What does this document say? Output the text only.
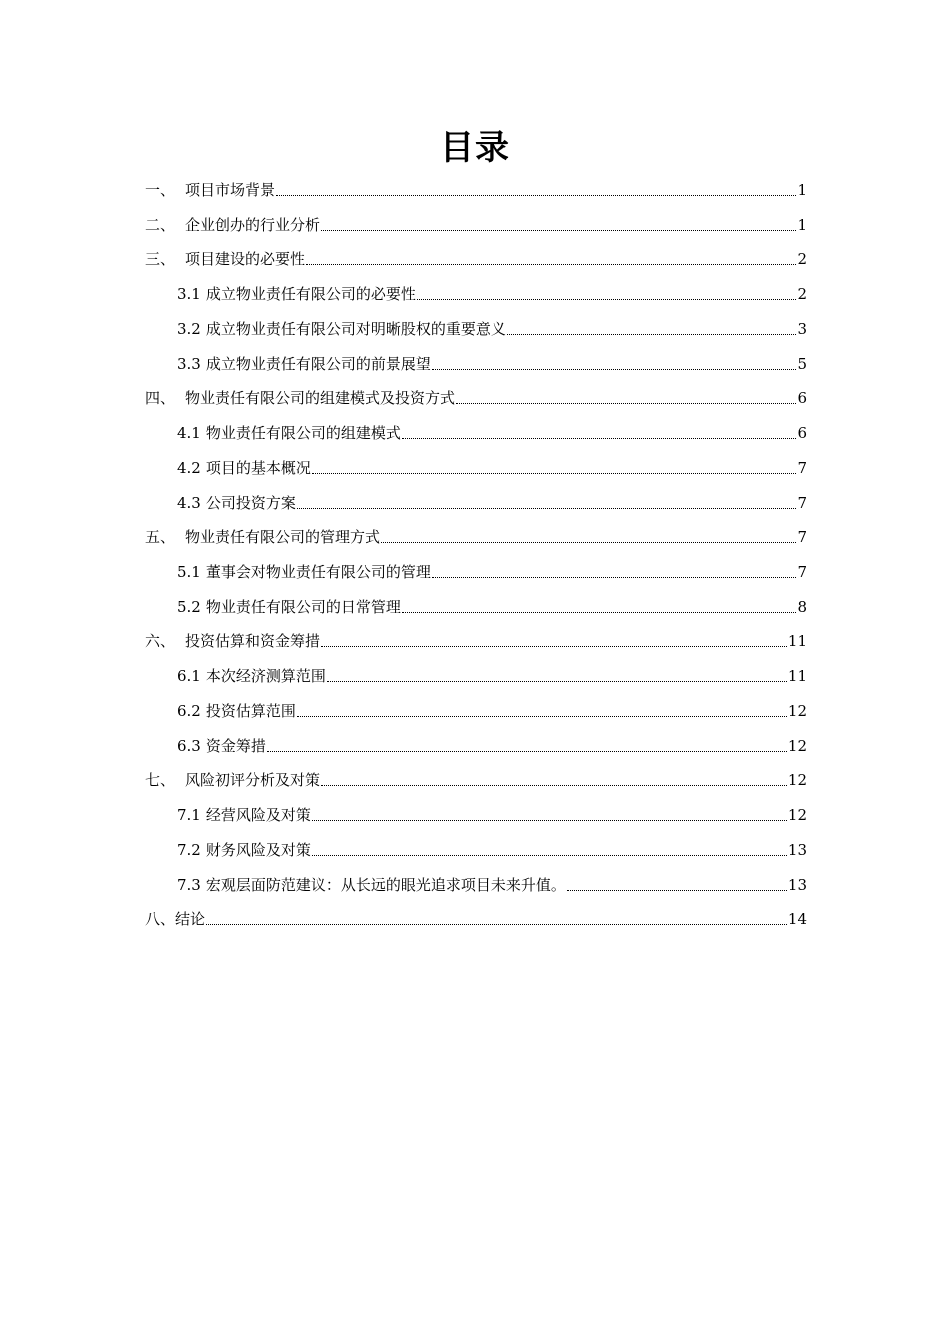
目录
一、 项目市场背景	1
二、 企业创办的行业分析	1
三、 项目建设的必要性	2
3.1 成立物业责任有限公司的必要性	2
3.2 成立物业责任有限公司对明晰股权的重要意义	3
3.3 成立物业责任有限公司的前景展望	5
四、 物业责任有限公司的组建模式及投资方式	6
4.1 物业责任有限公司的组建模式	6
4.2 项目的基本概况	7
4.3 公司投资方案	7
五、 物业责任有限公司的管理方式	7
5.1 董事会对物业责任有限公司的管理	7
5.2 物业责任有限公司的日常管理	8
六、 投资估算和资金筹措	11
6.1 本次经济测算范围	11
6.2 投资估算范围	12
6.3 资金筹措	12
七、 风险初评分析及对策	12
7.1 经营风险及对策	12
7.2 财务风险及对策	13
7.3 宏观层面防范建议：从长远的眼光追求项目未来升值。	13
八、 结论	14
